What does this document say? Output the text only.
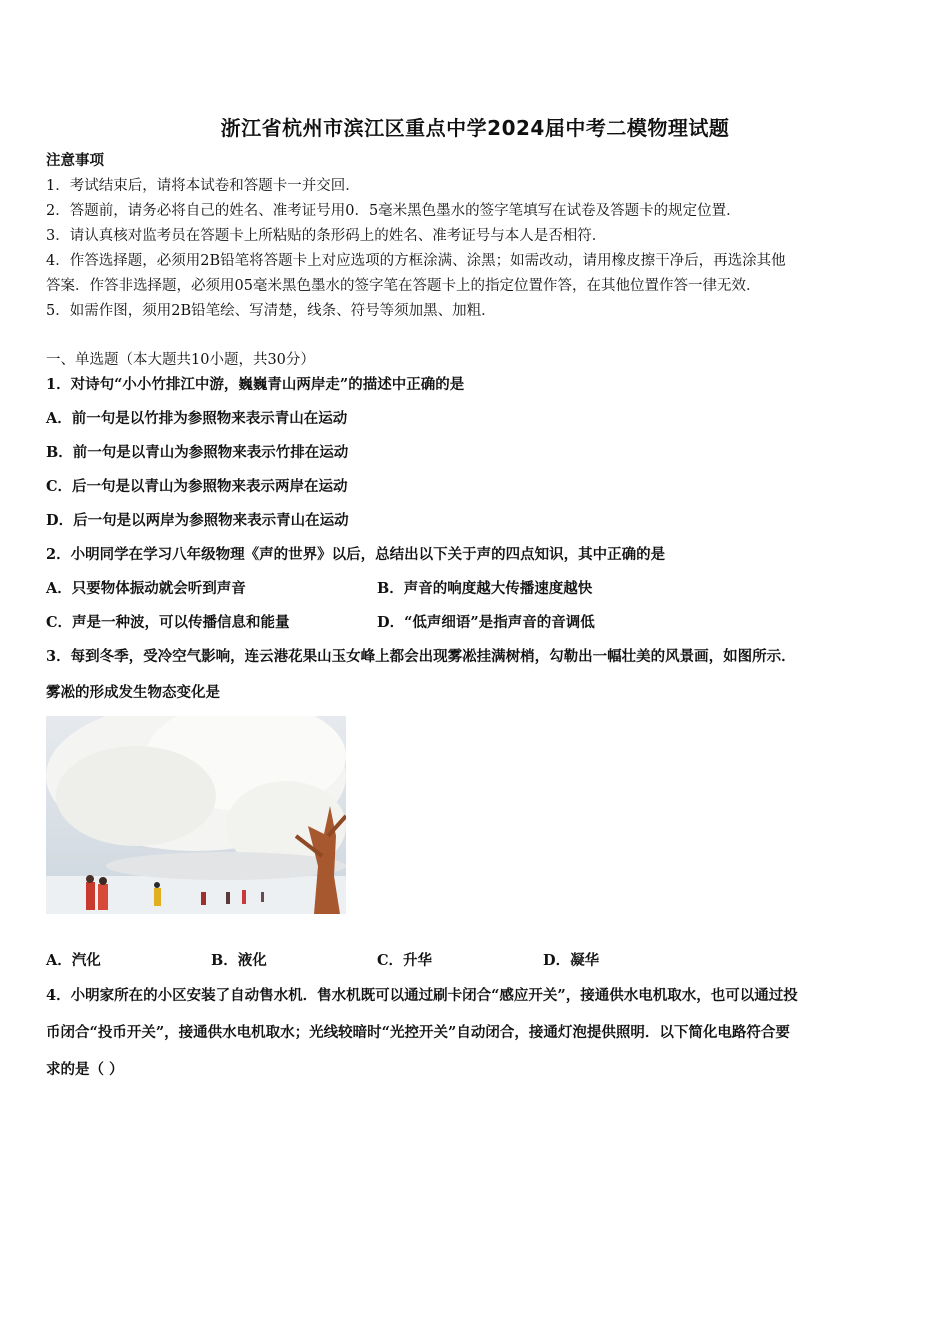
浙江省杭州市滨江区重点中学2024届中考二模物理试题
注意事项
1．考试结束后，请将本试卷和答题卡一并交回．
2．答题前，请务必将自己的姓名、准考证号用0．5毫米黑色墨水的签字笔填写在试卷及答题卡的规定位置．
3．请认真核对监考员在答题卡上所粘贴的条形码上的姓名、准考证号与本人是否相符．
4．作答选择题，必须用2B铅笔将答题卡上对应选项的方框涂满、涂黑；如需改动，请用橡皮擦干净后，再选涂其他
答案．作答非选择题，必须用05毫米黑色墨水的签字笔在答题卡上的指定位置作答，在其他位置作答一律无效．
5．如需作图，须用2B铅笔绘、写清楚，线条、符号等须加黑、加粗．
一、单选题（本大题共10小题，共30分）
1．对诗句“小小竹排江中游，巍巍青山两岸走”的描述中正确的是
A．前一句是以竹排为参照物来表示青山在运动
B．前一句是以青山为参照物来表示竹排在运动
C．后一句是以青山为参照物来表示两岸在运动
D．后一句是以两岸为参照物来表示青山在运动
2．小明同学在学习八年级物理《声的世界》以后，总结出以下关于声的四点知识，其中正确的是
A．只要物体振动就会听到声音	B．声音的响度越大传播速度越快
C．声是一种波，可以传播信息和能量	D．“低声细语”是指声音的音调低
3．每到冬季，受冷空气影响，连云港花果山玉女峰上都会出现雾凇挂满树梢，勾勒出一幅壮美的风景画，如图所示．
雾凇的形成发生物态变化是
A．汽化	B．液化	C．升华	D．凝华
4．小明家所在的小区安装了自动售水机．售水机既可以通过刷卡闭合“感应开关”，接通供水电机取水，也可以通过投
币闭合“投币开关”，接通供水电机取水；光线较暗时“光控开关”自动闭合，接通灯泡提供照明．以下简化电路符合要
求的是（ ）
